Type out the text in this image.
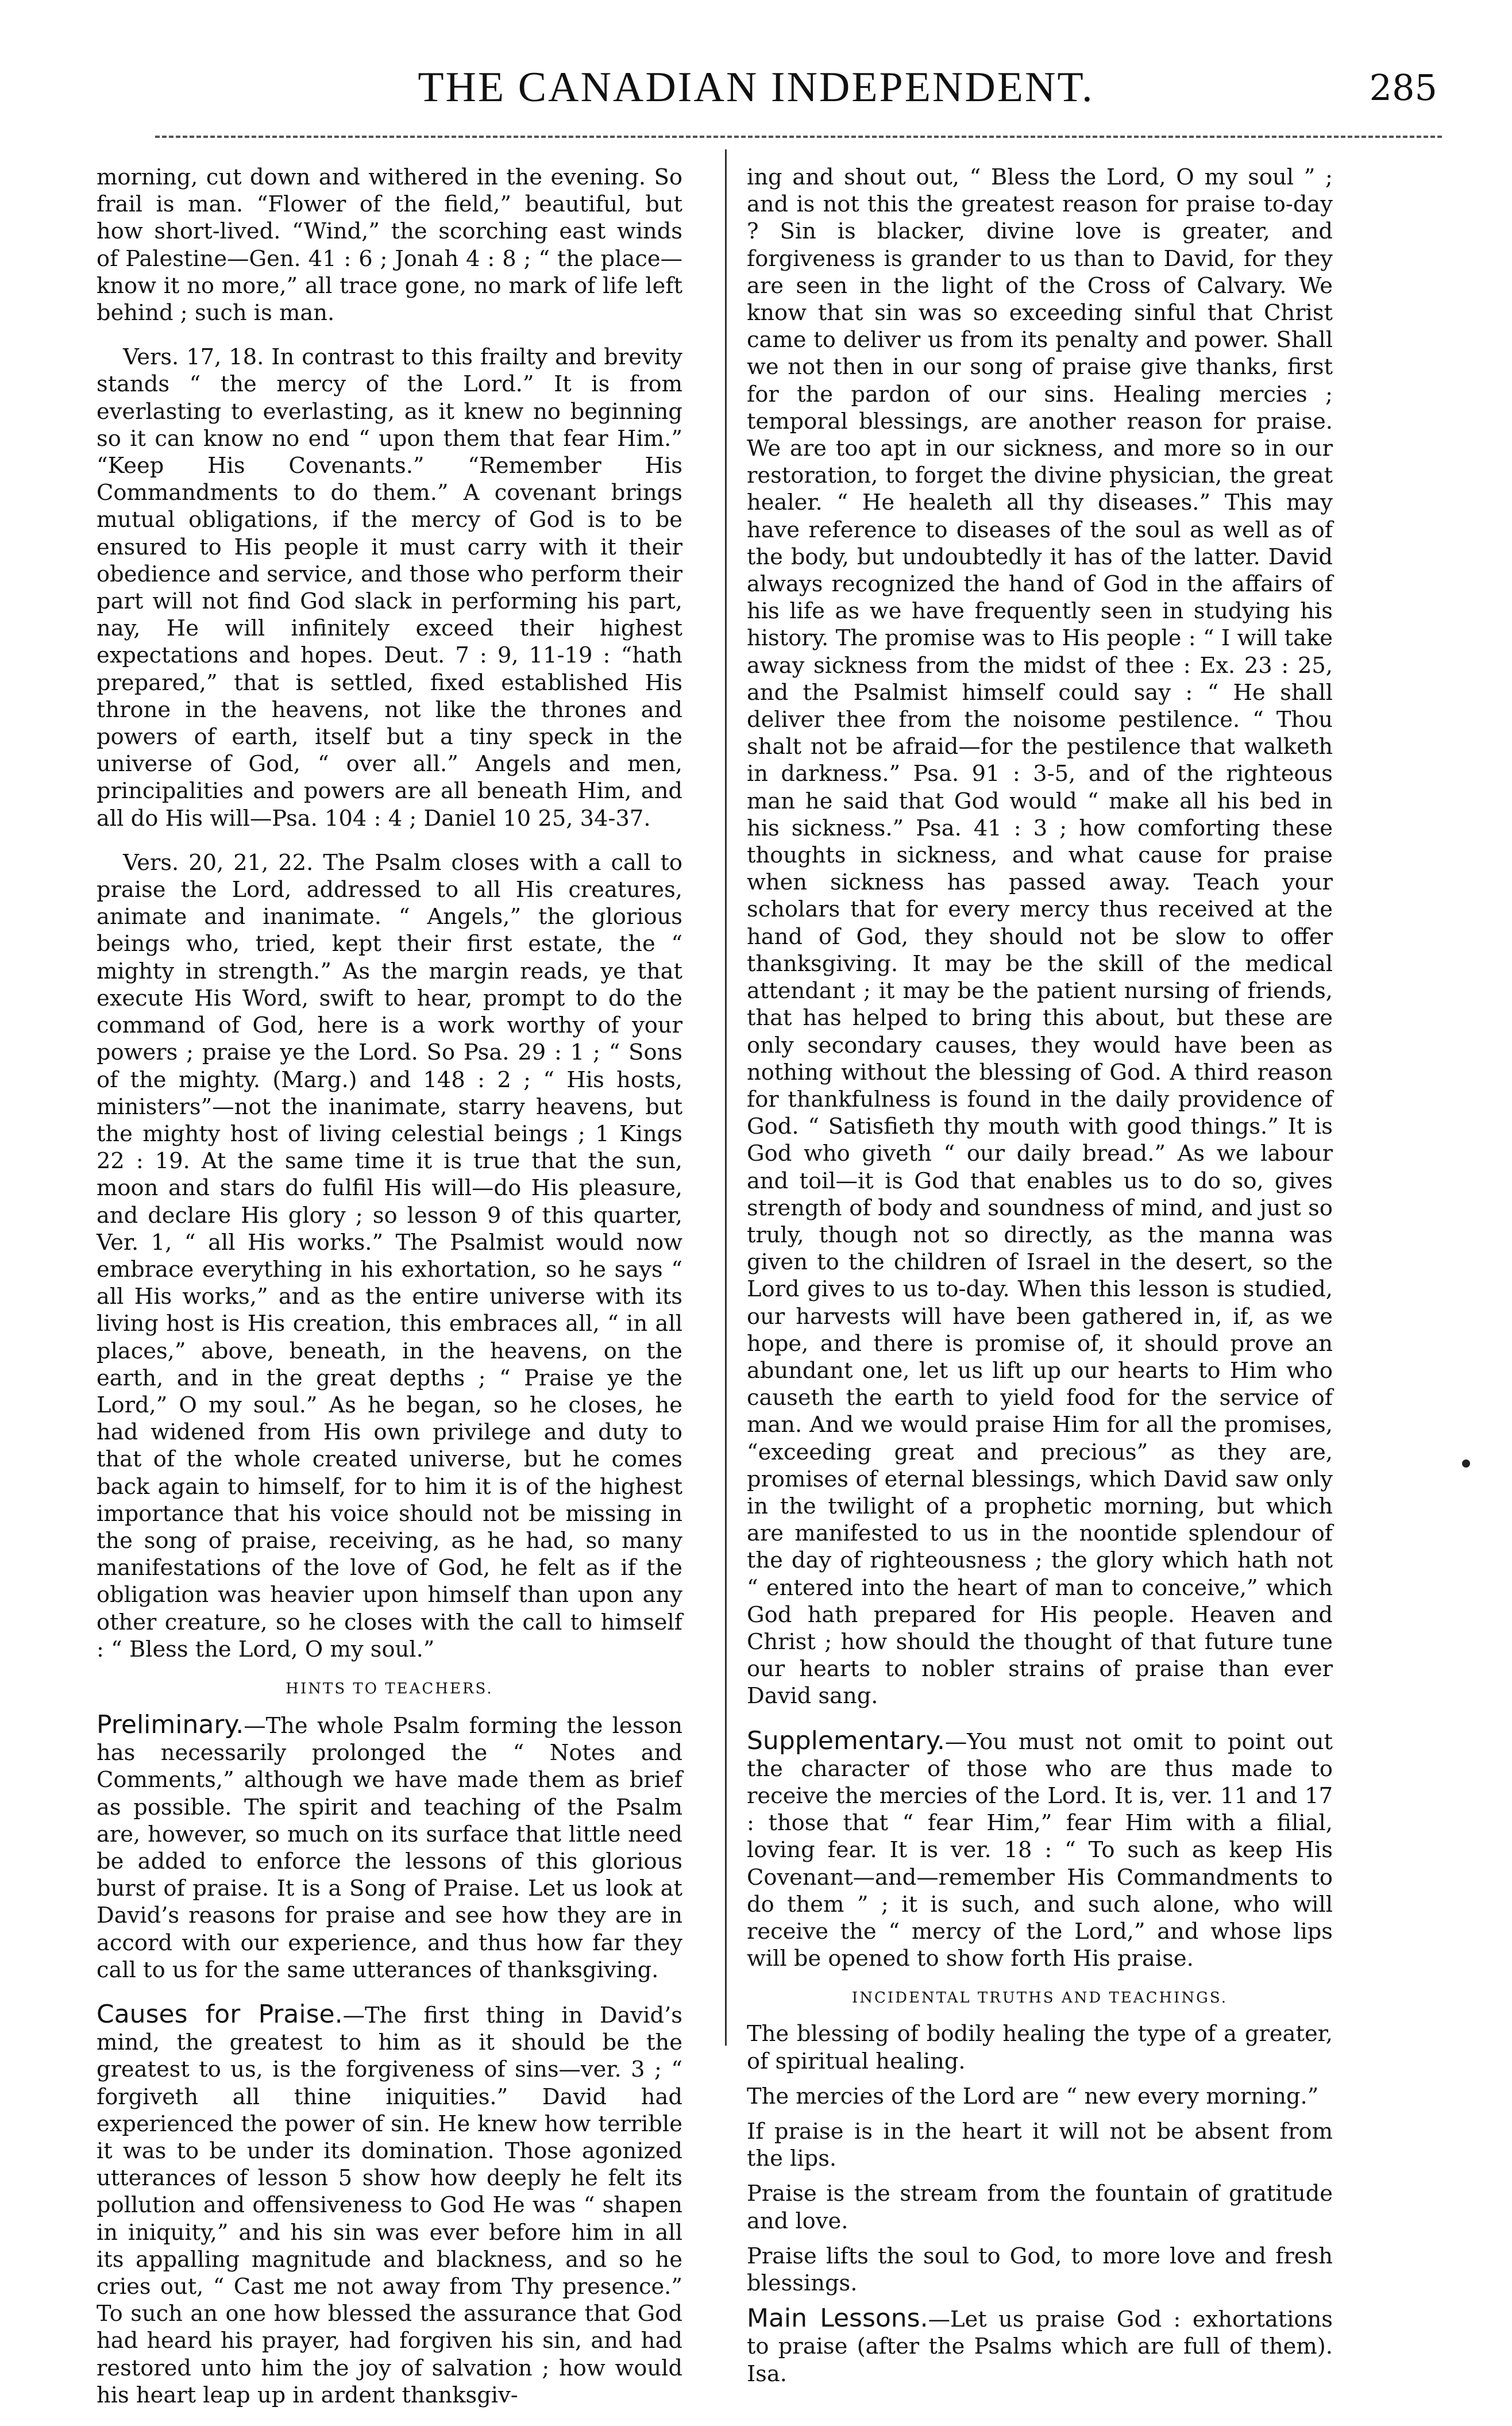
THE CANADIAN INDEPENDENT.	285

morning, cut down and withered in the evening. So frail is man. “Flower of the field,” beautiful, but how short-lived. “Wind,” the scorching east winds of Palestine—Gen. 41 : 6 ; Jonah 4 : 8 ; “ the place—know it no more,” all trace gone, no mark of life left behind ; such is man.

Vers. 17, 18. In contrast to this frailty and brevity stands “ the mercy of the Lord.” It is from everlasting to everlasting, as it knew no beginning so it can know no end “ upon them that fear Him.” “Keep His Covenants.” “Remember His Commandments to do them.” A covenant brings mutual obligations, if the mercy of God is to be ensured to His people it must carry with it their obedience and service, and those who perform their part will not find God slack in performing his part, nay, He will infinitely exceed their highest expectations and hopes. Deut. 7 : 9, 11-19 : “hath prepared,” that is settled, fixed established His throne in the heavens, not like the thrones and powers of earth, itself but a tiny speck in the universe of God, “ over all.” Angels and men, principalities and powers are all beneath Him, and all do His will—Psa. 104 : 4 ; Daniel 10 25, 34-37.

Vers. 20, 21, 22. The Psalm closes with a call to praise the Lord, addressed to all His creatures, animate and inanimate. “ Angels,” the glorious beings who, tried, kept their first estate, the “ mighty in strength.” As the margin reads, ye that execute His Word, swift to hear, prompt to do the command of God, here is a work worthy of your powers ; praise ye the Lord. So Psa. 29 : 1 ; “ Sons of the mighty. (Marg.) and 148 : 2 ; “ His hosts, ministers”—not the inanimate, starry heavens, but the mighty host of living celestial beings ; 1 Kings 22 : 19. At the same time it is true that the sun, moon and stars do fulfil His will—do His pleasure, and declare His glory ; so lesson 9 of this quarter, Ver. 1, “ all His works.” The Psalmist would now embrace everything in his exhortation, so he says “ all His works,” and as the entire universe with its living host is His creation, this embraces all, “ in all places,” above, beneath, in the heavens, on the earth, and in the great depths ; “ Praise ye the Lord,” O my soul.” As he began, so he closes, he had widened from His own privilege and duty to that of the whole created universe, but he comes back again to himself, for to him it is of the highest importance that his voice should not be missing in the song of praise, receiving, as he had, so many manifestations of the love of God, he felt as if the obligation was heavier upon himself than upon any other creature, so he closes with the call to himself : “ Bless the Lord, O my soul.”

HINTS TO TEACHERS.

Preliminary.—The whole Psalm forming the lesson has necessarily prolonged the “ Notes and Comments,” although we have made them as brief as possible. The spirit and teaching of the Psalm are, however, so much on its surface that little need be added to enforce the lessons of this glorious burst of praise. It is a Song of Praise. Let us look at David’s reasons for praise and see how they are in accord with our experience, and thus how far they call to us for the same utterances of thanksgiving.

Causes for Praise.—The first thing in David’s mind, the greatest to him as it should be the greatest to us, is the forgiveness of sins—ver. 3 ; “ forgiveth all thine iniquities.” David had experienced the power of sin. He knew how terrible it was to be under its domination. Those agonized utterances of lesson 5 show how deeply he felt its pollution and offensiveness to God He was “ shapen in iniquity,” and his sin was ever before him in all its appalling magnitude and blackness, and so he cries out, “ Cast me not away from Thy presence.” To such an one how blessed the assurance that God had heard his prayer, had forgiven his sin, and had restored unto him the joy of salvation ; how would his heart leap up in ardent thanksgiv-

ing and shout out, “ Bless the Lord, O my soul ” ; and is not this the greatest reason for praise to-day ? Sin is blacker, divine love is greater, and forgiveness is grander to us than to David, for they are seen in the light of the Cross of Calvary. We know that sin was so exceeding sinful that Christ came to deliver us from its penalty and power. Shall we not then in our song of praise give thanks, first for the pardon of our sins. Healing mercies ; temporal blessings, are another reason for praise. We are too apt in our sickness, and more so in our restoration, to forget the divine physician, the great healer. “ He healeth all thy diseases.” This may have reference to diseases of the soul as well as of the body, but undoubtedly it has of the latter. David always recognized the hand of God in the affairs of his life as we have frequently seen in studying his history. The promise was to His people : “ I will take away sickness from the midst of thee : Ex. 23 : 25, and the Psalmist himself could say : “ He shall deliver thee from the noisome pestilence. “ Thou shalt not be afraid—for the pestilence that walketh in darkness.” Psa. 91 : 3-5, and of the righteous man he said that God would “ make all his bed in his sickness.” Psa. 41 : 3 ; how comforting these thoughts in sickness, and what cause for praise when sickness has passed away. Teach your scholars that for every mercy thus received at the hand of God, they should not be slow to offer thanksgiving. It may be the skill of the medical attendant ; it may be the patient nursing of friends, that has helped to bring this about, but these are only secondary causes, they would have been as nothing without the blessing of God. A third reason for thankfulness is found in the daily providence of God. “ Satisfieth thy mouth with good things.” It is God who giveth “ our daily bread.” As we labour and toil—it is God that enables us to do so, gives strength of body and soundness of mind, and just so truly, though not so directly, as the manna was given to the children of Israel in the desert, so the Lord gives to us to-day. When this lesson is studied, our harvests will have been gathered in, if, as we hope, and there is promise of, it should prove an abundant one, let us lift up our hearts to Him who causeth the earth to yield food for the service of man. And we would praise Him for all the promises, “exceeding great and precious” as they are, promises of eternal blessings, which David saw only in the twilight of a prophetic morning, but which are manifested to us in the noontide splendour of the day of righteousness ; the glory which hath not “ entered into the heart of man to conceive,” which God hath prepared for His people. Heaven and Christ ; how should the thought of that future tune our hearts to nobler strains of praise than ever David sang.

Supplementary.—You must not omit to point out the character of those who are thus made to receive the mercies of the Lord. It is, ver. 11 and 17 : those that “ fear Him,” fear Him with a filial, loving fear. It is ver. 18 : “ To such as keep His Covenant—and—remember His Commandments to do them ” ; it is such, and such alone, who will receive the “ mercy of the Lord,” and whose lips will be opened to show forth His praise.

INCIDENTAL TRUTHS AND TEACHINGS.

The blessing of bodily healing the type of a greater, of spiritual healing.

The mercies of the Lord are “ new every morning.”

If praise is in the heart it will not be absent from the lips.

Praise is the stream from the fountain of gratitude and love.

Praise lifts the soul to God, to more love and fresh blessings.

Main Lessons.—Let us praise God : exhortations to praise (after the Psalms which are full of them). Isa.
